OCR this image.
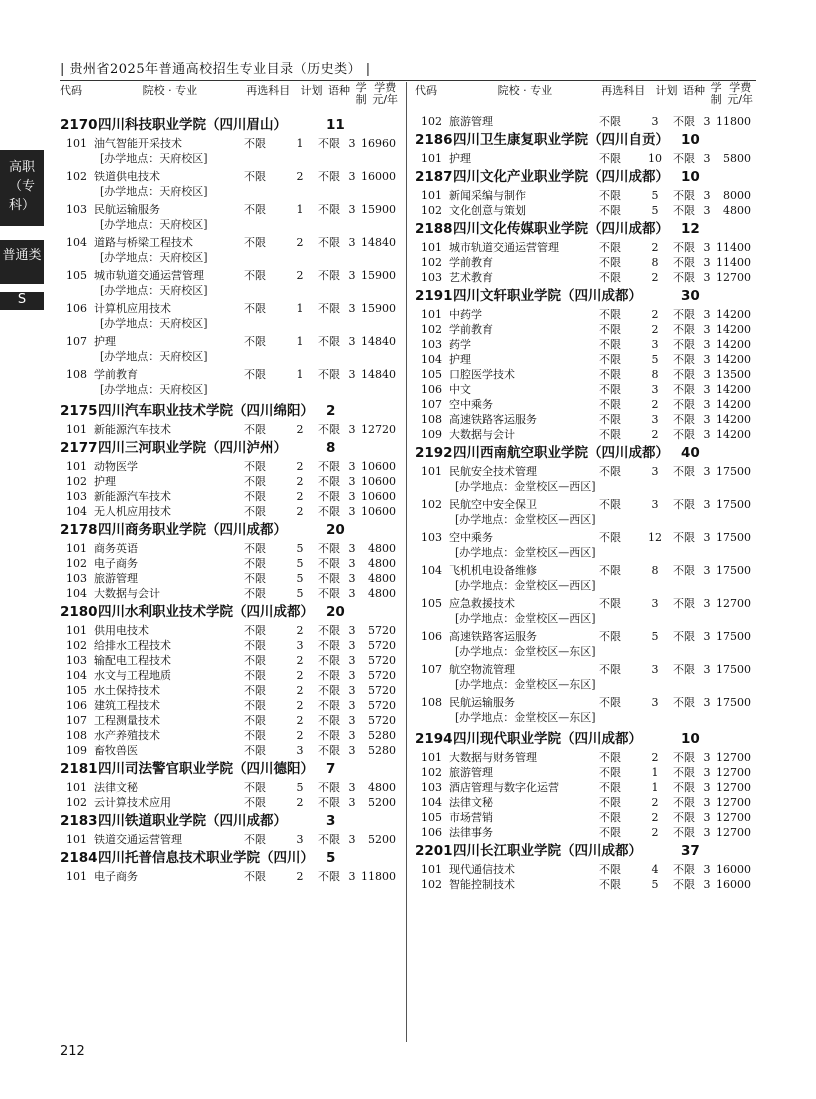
| 贵州省2025年普通高校招生专业目录（历史类） |
高职（专科）
普通类
S
代码	院校 · 专业	再选科目 计划 语种 学制
学费元/年
2170 四川科技职业学院（四川眉山）	11
101 油气智能开采技术	不限	1	不限 3 16960
[办学地点：天府校区]
102 铁道供电技术	不限	2	不限 3 16000
[办学地点：天府校区]
103 民航运输服务	不限	1	不限 3 15900
[办学地点：天府校区]
104 道路与桥梁工程技术	不限	2	不限 3 14840
[办学地点：天府校区]
105 城市轨道交通运营管理	不限	2	不限 3 15900
[办学地点：天府校区]
106 计算机应用技术	不限	1	不限 3 15900
[办学地点：天府校区]
107 护理	不限	1	不限 3 14840
[办学地点：天府校区]
108 学前教育	不限	1	不限 3 14840
[办学地点：天府校区]
2175 四川汽车职业技术学院（四川绵阳） 2
101 新能源汽车技术	不限	2	不限 3 12720
2177 四川三河职业学院（四川泸州）	8
101 动物医学	不限	2	不限 3 10600
102 护理	不限	2	不限 3 10600
103 新能源汽车技术	不限	2	不限 3 10600
104 无人机应用技术	不限	2	不限 3 10600
2178 四川商务职业学院（四川成都）	20
101 商务英语	不限	5	不限 3	4800
102 电子商务	不限	5	不限 3	4800
103 旅游管理	不限	5	不限 3	4800
104 大数据与会计	不限	5	不限 3	4800
2180 四川水利职业技术学院（四川成都） 20
101 供用电技术	不限	2	不限 3	5720
102 给排水工程技术	不限	3	不限 3	5720
103 输配电工程技术	不限	2	不限 3	5720
104 水文与工程地质	不限	2	不限 3	5720
105 水土保持技术	不限	2	不限 3	5720
106 建筑工程技术	不限	2	不限 3	5720
107 工程测量技术	不限	2	不限 3	5720
108 水产养殖技术	不限	2	不限 3	5280
109 畜牧兽医	不限	3	不限 3	5280
2181 四川司法警官职业学院（四川德阳） 7
101 法律文秘	不限	5	不限 3	4800
102 云计算技术应用	不限	2	不限 3	5200
2183 四川铁道职业学院（四川成都）	3
101 铁道交通运营管理	不限	3	不限 3	5200
2184 四川托普信息技术职业学院（四川） 5
101 电子商务	不限	2	不限 3 11800
代码	院校 · 专业	再选科目 计划 语种 学制
学费元/年
102 旅游管理	不限	3	不限 3 11800
2186 四川卫生康复职业学院（四川自贡） 10
101 护理	不限	10	不限 3	5800
2187 四川文化产业职业学院（四川成都） 10
101 新闻采编与制作	不限	5	不限 3	8000
102 文化创意与策划	不限	5	不限 3	4800
2188 四川文化传媒职业学院（四川成都） 12
101 城市轨道交通运营管理	不限	2	不限 3 11400
102 学前教育	不限	8	不限 3 11400
103 艺术教育	不限	2	不限 3 12700
2191 四川文轩职业学院（四川成都）	30
101 中药学	不限	2	不限 3 14200
102 学前教育	不限	2	不限 3 14200
103 药学	不限	3	不限 3 14200
104 护理	不限	5	不限 3 14200
105 口腔医学技术	不限	8	不限 3 13500
106 中文	不限	3	不限 3 14200
107 空中乘务	不限	2	不限 3 14200
108 高速铁路客运服务	不限	3	不限 3 14200
109 大数据与会计	不限	2	不限 3 14200
2192 四川西南航空职业学院（四川成都） 40
101 民航安全技术管理	不限	3	不限 3 17500
[办学地点：金堂校区—西区]
102 民航空中安全保卫	不限	3	不限 3 17500
[办学地点：金堂校区—西区]
103 空中乘务	不限	12	不限 3 17500
[办学地点：金堂校区—西区]
104 飞机机电设备维修	不限	8	不限 3 17500
[办学地点：金堂校区—西区]
105 应急救援技术	不限	3	不限 3 12700
[办学地点：金堂校区—西区]
106 高速铁路客运服务	不限	5	不限 3 17500
[办学地点：金堂校区—东区]
107 航空物流管理	不限	3	不限 3 17500
[办学地点：金堂校区—东区]
108 民航运输服务	不限	3	不限 3 17500
[办学地点：金堂校区—东区]
2194 四川现代职业学院（四川成都）	10
101 大数据与财务管理	不限	2	不限 3 12700
102 旅游管理	不限	1	不限 3 12700
103 酒店管理与数字化运营	不限	1	不限 3 12700
104 法律文秘	不限	2	不限 3 12700
105 市场营销	不限	2	不限 3 12700
106 法律事务	不限	2	不限 3 12700
2201 四川长江职业学院（四川成都）	37
101 现代通信技术	不限	4	不限 3 16000
102 智能控制技术	不限	5	不限 3 16000
212
